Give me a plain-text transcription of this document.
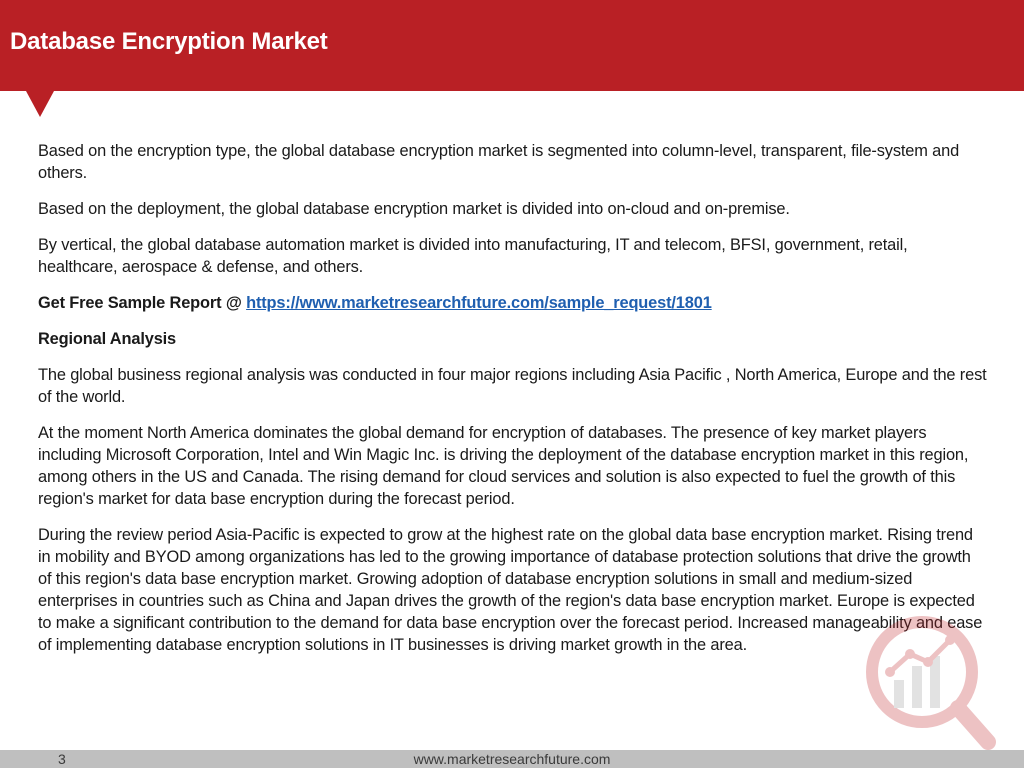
Database Encryption Market

Based on the encryption type, the global database encryption market is segmented into column-level, transparent, file-system and others.

Based on the deployment, the global database encryption market is divided into on-cloud and on-premise.

By vertical, the global database automation market is divided into manufacturing, IT and telecom, BFSI, government, retail, healthcare, aerospace & defense, and others.

Get Free Sample Report @ https://www.marketresearchfuture.com/sample_request/1801

Regional Analysis

The global business regional analysis was conducted in four major regions including Asia Pacific , North America, Europe and the rest of the world.

At the moment North America dominates the global demand for encryption of databases. The presence of key market players including Microsoft Corporation, Intel and Win Magic Inc. is driving the deployment of the database encryption market in this region, among others in the US and Canada. The rising demand for cloud services and solution is also expected to fuel the growth of this region's market for data base encryption during the forecast period.

During the review period Asia-Pacific is expected to grow at the highest rate on the global data base encryption market. Rising trend in mobility and BYOD among organizations has led to the growing importance of database protection solutions that drive the growth of this region's data base encryption market. Growing adoption of database encryption solutions in small and medium-sized enterprises in countries such as China and Japan drives the growth of the region's data base encryption market. Europe is expected to make a significant contribution to the demand for data base encryption over the forecast period. Increased manageability and ease of implementing database encryption solutions in IT businesses is driving market growth in the area.

www.marketresearchfuture.com
3
